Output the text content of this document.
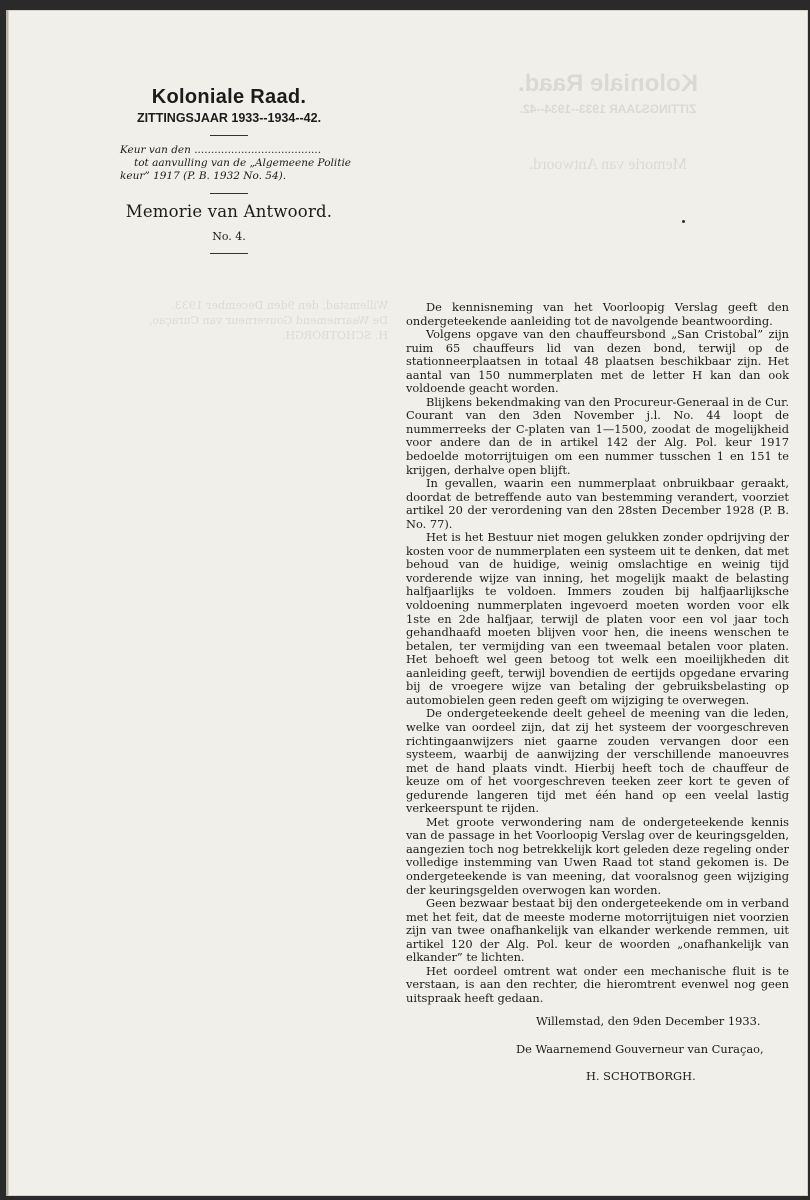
Koloniale Raad.
ZITTINGSJAAR 1933--1934--42.
Memorie van Antwoord.
Willemstad, den 9den December 1933.
De Waarnemend Gouverneur van Curaçao,
H. SCHOTBORGH.
Koloniale Raad.
ZITTINGSJAAR 1933--1934--42.
Keur van den ......................................
tot aanvulling van de „Algemeene Politie
keur” 1917 (P. B. 1932 No. 54).
Memorie van Antwoord.
No. 4.

De kennisneming van het Voorloopig Verslag geeft den ondergeteekende aanleiding tot de navolgende beantwoording.

Volgens opgave van den chauffeursbond „San Cristobal” zijn ruim 65 chauffeurs lid van dezen bond, terwijl op de stationneerplaatsen in totaal 48 plaatsen beschikbaar zijn. Het aantal van 150 nummerplaten met de letter H kan dan ook voldoende geacht worden.

Blijkens bekendmaking van den Procureur-Generaal in de Cur. Courant van den 3den November j.l. No. 44 loopt de nummerreeks der C-platen van 1—1500, zoodat de mogelijkheid voor andere dan de in artikel 142 der Alg. Pol. keur 1917 bedoelde motorrijtuigen om een nummer tusschen 1 en 151 te krijgen, derhalve open blijft.

In gevallen, waarin een nummerplaat onbruikbaar geraakt, doordat de betreffende auto van bestemming verandert, voorziet artikel 20 der verordening van den 28sten December 1928 (P. B. No. 77).

Het is het Bestuur niet mogen gelukken zonder opdrijving der kosten voor de nummerplaten een systeem uit te denken, dat met behoud van de huidige, weinig omslachtige en weinig tijd vorderende wijze van inning, het mogelijk maakt de belasting halfjaarlijks te voldoen. Immers zouden bij halfjaarlijksche voldoening nummerplaten ingevoerd moeten worden voor elk 1ste en 2de halfjaar, terwijl de platen voor een vol jaar toch gehandhaafd moeten blijven voor hen, die ineens wenschen te betalen, ter vermijding van een tweemaal betalen voor platen. Het behoeft wel geen betoog tot welk een moeilijkheden dit aanleiding geeft, terwijl bovendien de eertijds opgedane ervaring bij de vroegere wijze van betaling der gebruiksbelasting op automobielen geen reden geeft om wijziging te overwegen.

De ondergeteekende deelt geheel de meening van die leden, welke van oordeel zijn, dat zij het systeem der voorgeschreven richtingaanwijzers niet gaarne zouden vervangen door een systeem, waarbij de aanwijzing der verschillende manoeuvres met de hand plaats vindt. Hierbij heeft toch de chauffeur de keuze om of het voorgeschreven teeken zeer kort te geven of gedurende langeren tijd met één hand op een veelal lastig verkeerspunt te rijden.

Met groote verwondering nam de ondergeteekende kennis van de passage in het Voorloopig Verslag over de keuringsgelden, aangezien toch nog betrekkelijk kort geleden deze regeling onder volledige instemming van Uwen Raad tot stand gekomen is. De ondergeteekende is van meening, dat vooralsnog geen wijziging der keuringsgelden overwogen kan worden.

Geen bezwaar bestaat bij den ondergeteekende om in verband met het feit, dat de meeste moderne motorrijtuigen niet voorzien zijn van twee onafhankelijk van elkander werkende remmen, uit artikel 120 der Alg. Pol. keur de woorden „onafhankelijk van elkander” te lichten.

Het oordeel omtrent wat onder een mechanische fluit is te verstaan, is aan den rechter, die hieromtrent evenwel nog geen uitspraak heeft gedaan.

Willemstad, den 9den December 1933.
De Waarnemend Gouverneur van Curaçao,
H. SCHOTBORGH.
